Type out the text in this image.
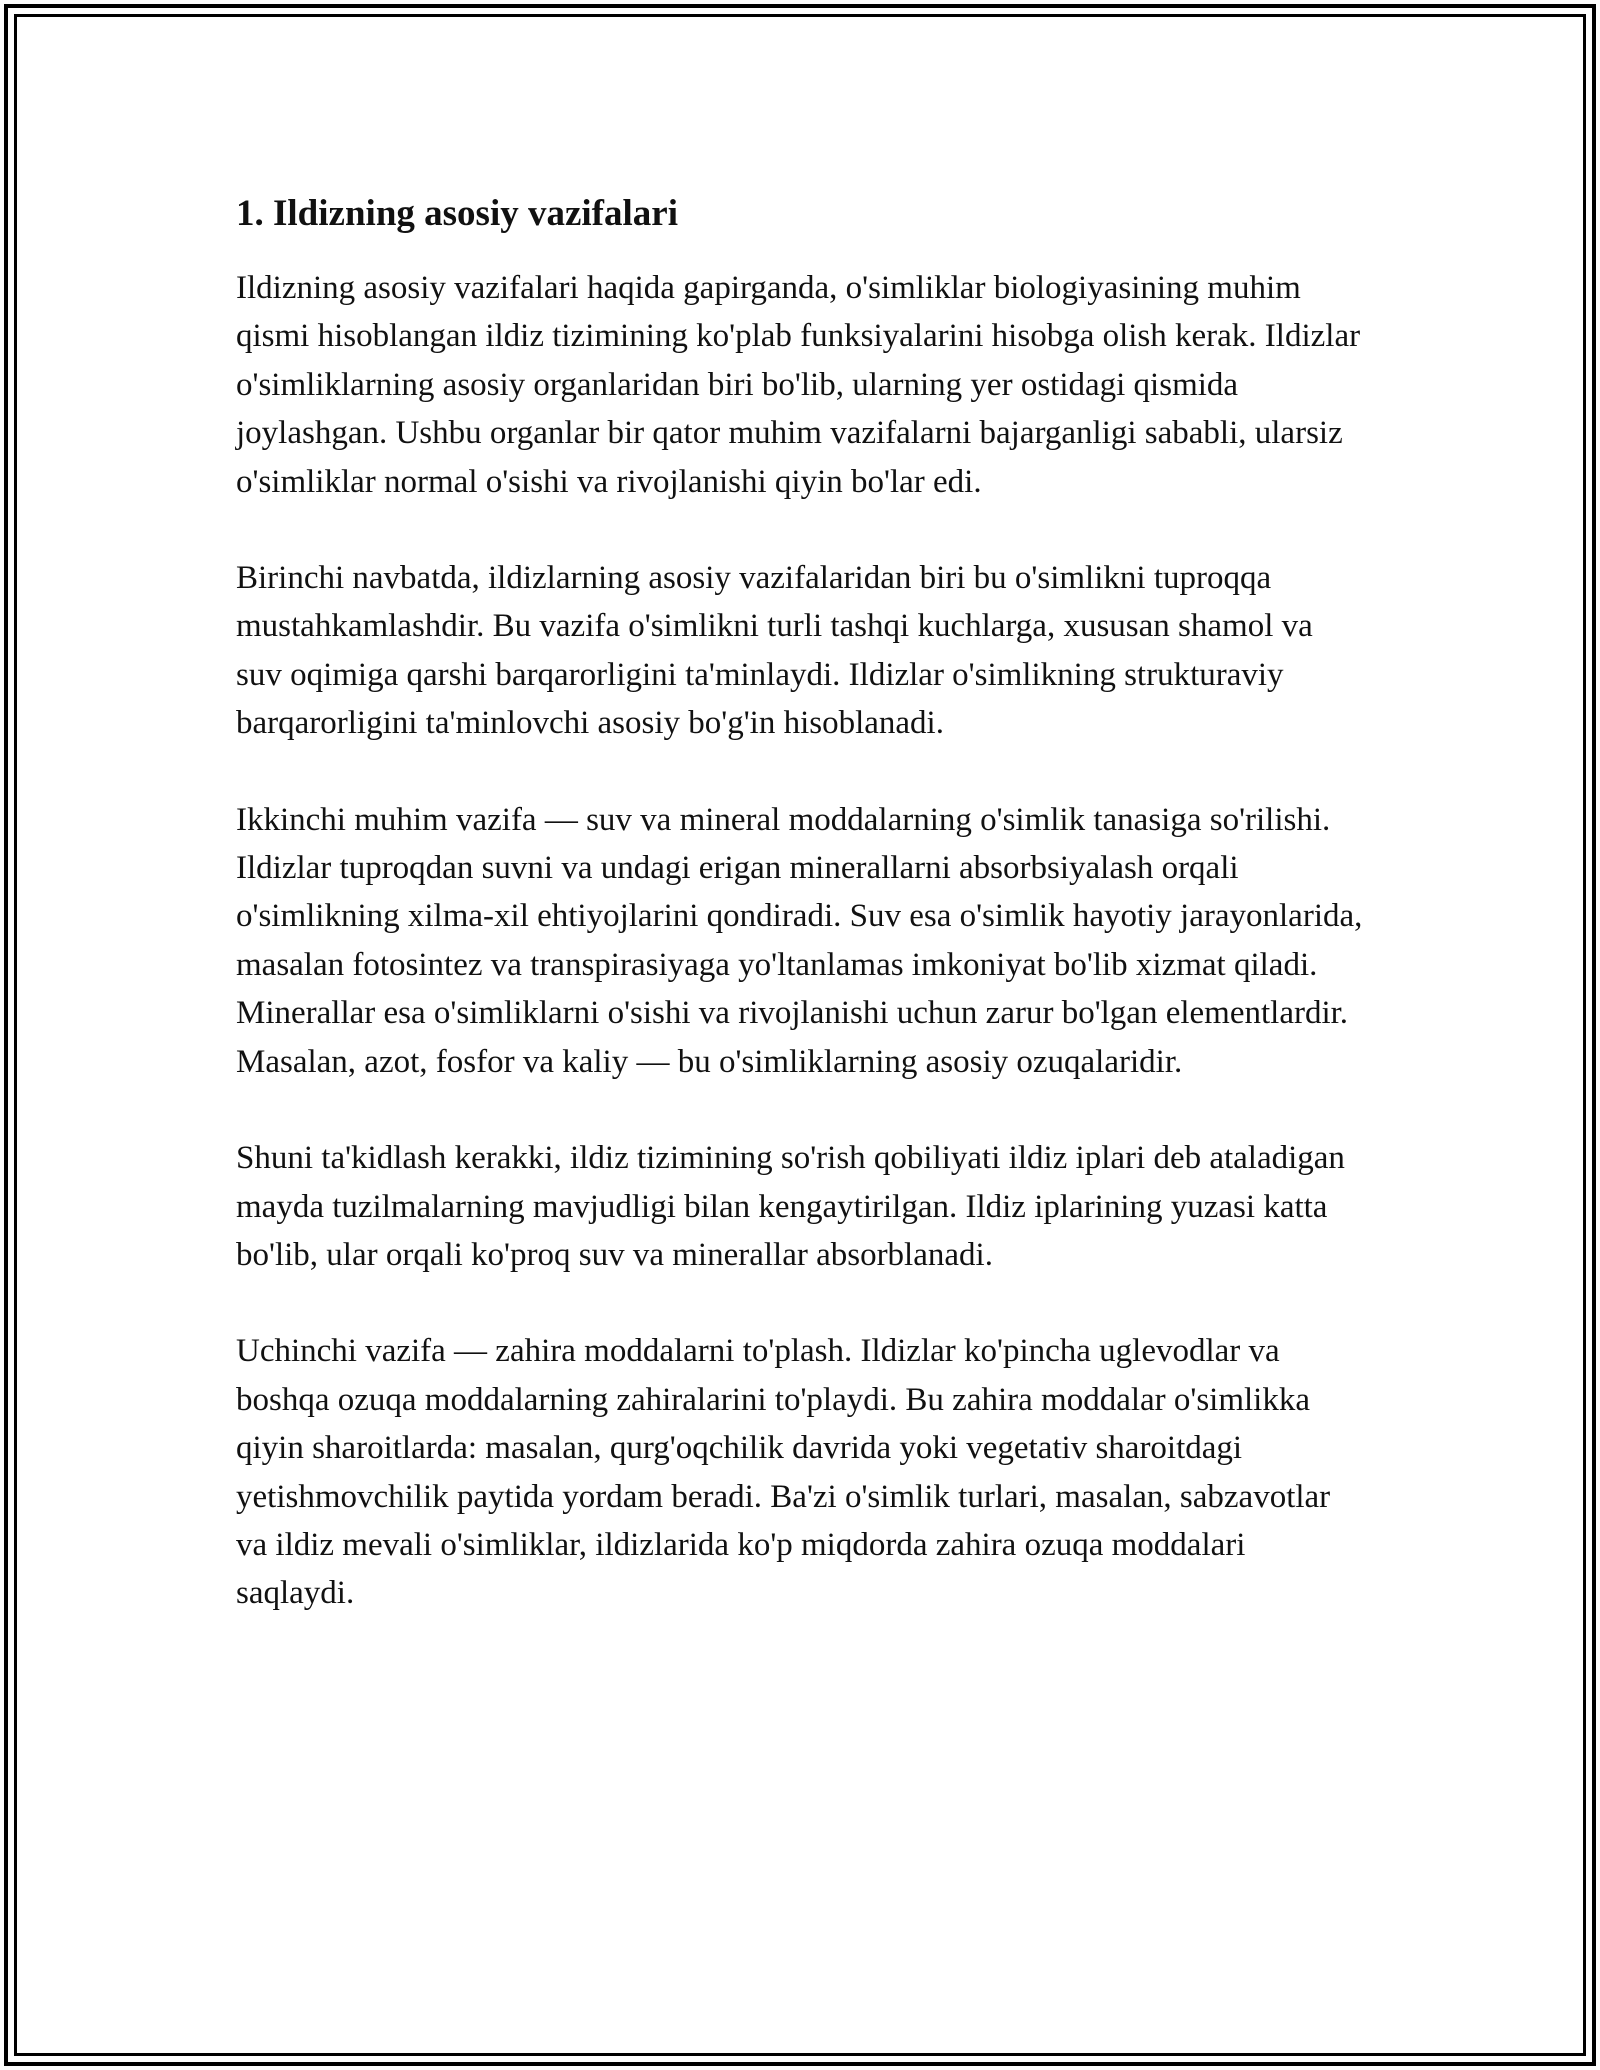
1. Ildizning asosiy vazifalari

Ildizning asosiy vazifalari haqida gapirganda, o'simliklar biologiyasining muhim qismi hisoblangan ildiz tizimining ko'plab funksiyalarini hisobga olish kerak. Ildizlar o'simliklarning asosiy organlaridan biri bo'lib, ularning yer ostidagi qismida joylashgan. Ushbu organlar bir qator muhim vazifalarni bajarganligi sababli, ularsiz o'simliklar normal o'sishi va rivojlanishi qiyin bo'lar edi.

Birinchi navbatda, ildizlarning asosiy vazifalaridan biri bu o'simlikni tuproqqa mustahkamlashdir. Bu vazifa o'simlikni turli tashqi kuchlarga, xususan shamol va suv oqimiga qarshi barqarorligini ta'minlaydi. Ildizlar o'simlikning strukturaviy barqarorligini ta'minlovchi asosiy bo'g'in hisoblanadi.

Ikkinchi muhim vazifa — suv va mineral moddalarning o'simlik tanasiga so'rilishi. Ildizlar tuproqdan suvni va undagi erigan minerallarni absorbsiyalash orqali o'simlikning xilma-xil ehtiyojlarini qondiradi. Suv esa o'simlik hayotiy jarayonlarida, masalan fotosintez va transpirasiyaga yo'ltanlamas imkoniyat bo'lib xizmat qiladi. Minerallar esa o'simliklarni o'sishi va rivojlanishi uchun zarur bo'lgan elementlardir. Masalan, azot, fosfor va kaliy — bu o'simliklarning asosiy ozuqalaridir.

Shuni ta'kidlash kerakki, ildiz tizimining so'rish qobiliyati ildiz iplari deb ataladigan mayda tuzilmalarning mavjudligi bilan kengaytirilgan. Ildiz iplarining yuzasi katta bo'lib, ular orqali ko'proq suv va minerallar absorblanadi.

Uchinchi vazifa — zahira moddalarni to'plash. Ildizlar ko'pincha uglevodlar va boshqa ozuqa moddalarning zahiralarini to'playdi. Bu zahira moddalar o'simlikka qiyin sharoitlarda: masalan, qurg'oqchilik davrida yoki vegetativ sharoitdagi yetishmovchilik paytida yordam beradi. Ba'zi o'simlik turlari, masalan, sabzavotlar va ildiz mevali o'simliklar, ildizlarida ko'p miqdorda zahira ozuqa moddalari saqlaydi.
